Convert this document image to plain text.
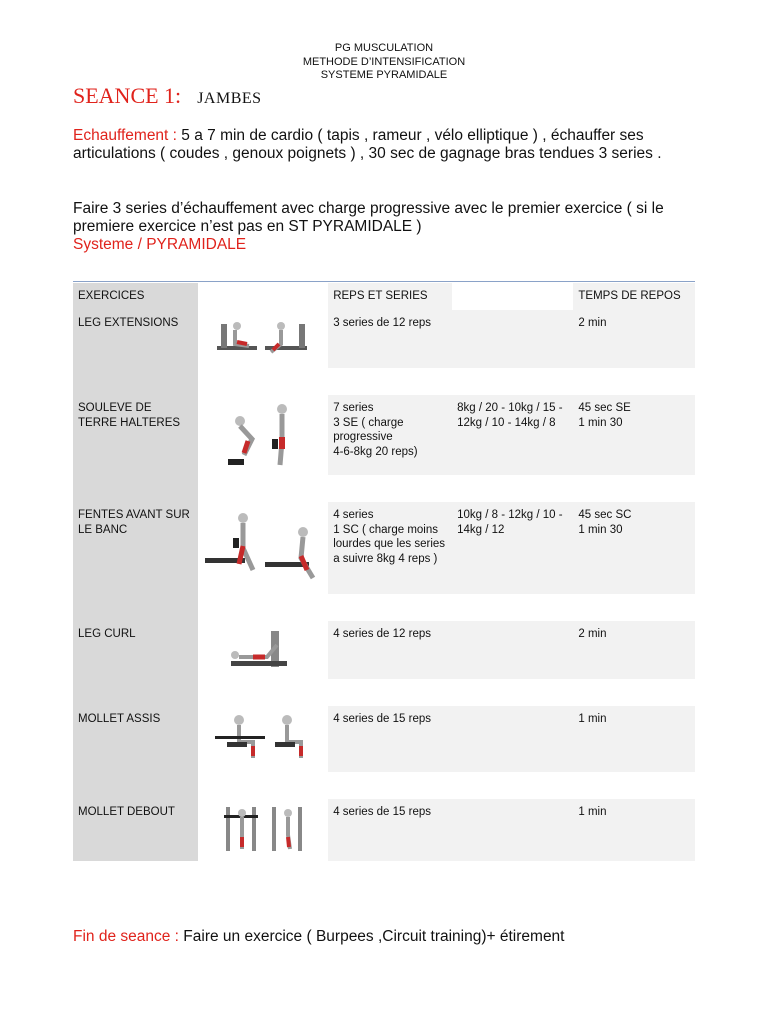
PG MUSCULATION
METHODE D’INTENSIFICATION
SYSTEME PYRAMIDALE
SEANCE 1: JAMBES
Echauffement : 5 a 7 min de cardio ( tapis , rameur , vélo elliptique ) , échauffer ses articulations ( coudes , genoux poignets ) , 30 sec de gagnage bras tendues 3 series .
Faire 3 series d’échauffement avec charge progressive avec le premier exercice ( si le premiere exercice n’est pas en ST PYRAMIDALE )
Systeme / PYRAMIDALE
EXERCICES		REPS ET SERIES		TEMPS DE REPOS
LEG EXTENSIONS		3 series de 12 reps		2 min

SOULEVE DE TERRE HALTERES		7 series
3 SE ( charge progressive
4-6-8kg 20 reps)	8kg / 20 - 10kg / 15 - 12kg / 10 - 14kg / 8	45 sec SE
1 min 30

FENTES AVANT SUR LE BANC		4 series
1 SC ( charge moins lourdes que les series a suivre 8kg 4 reps )	10kg / 8 - 12kg / 10 - 14kg / 12	45 sec SC
1 min 30

LEG CURL		4 series de 12 reps		2 min

MOLLET ASSIS		4 series de 15 reps		1 min

MOLLET DEBOUT		4 series de 15 reps		1 min
Fin de seance : Faire un exercice ( Burpees ,Circuit training)+ étirement
